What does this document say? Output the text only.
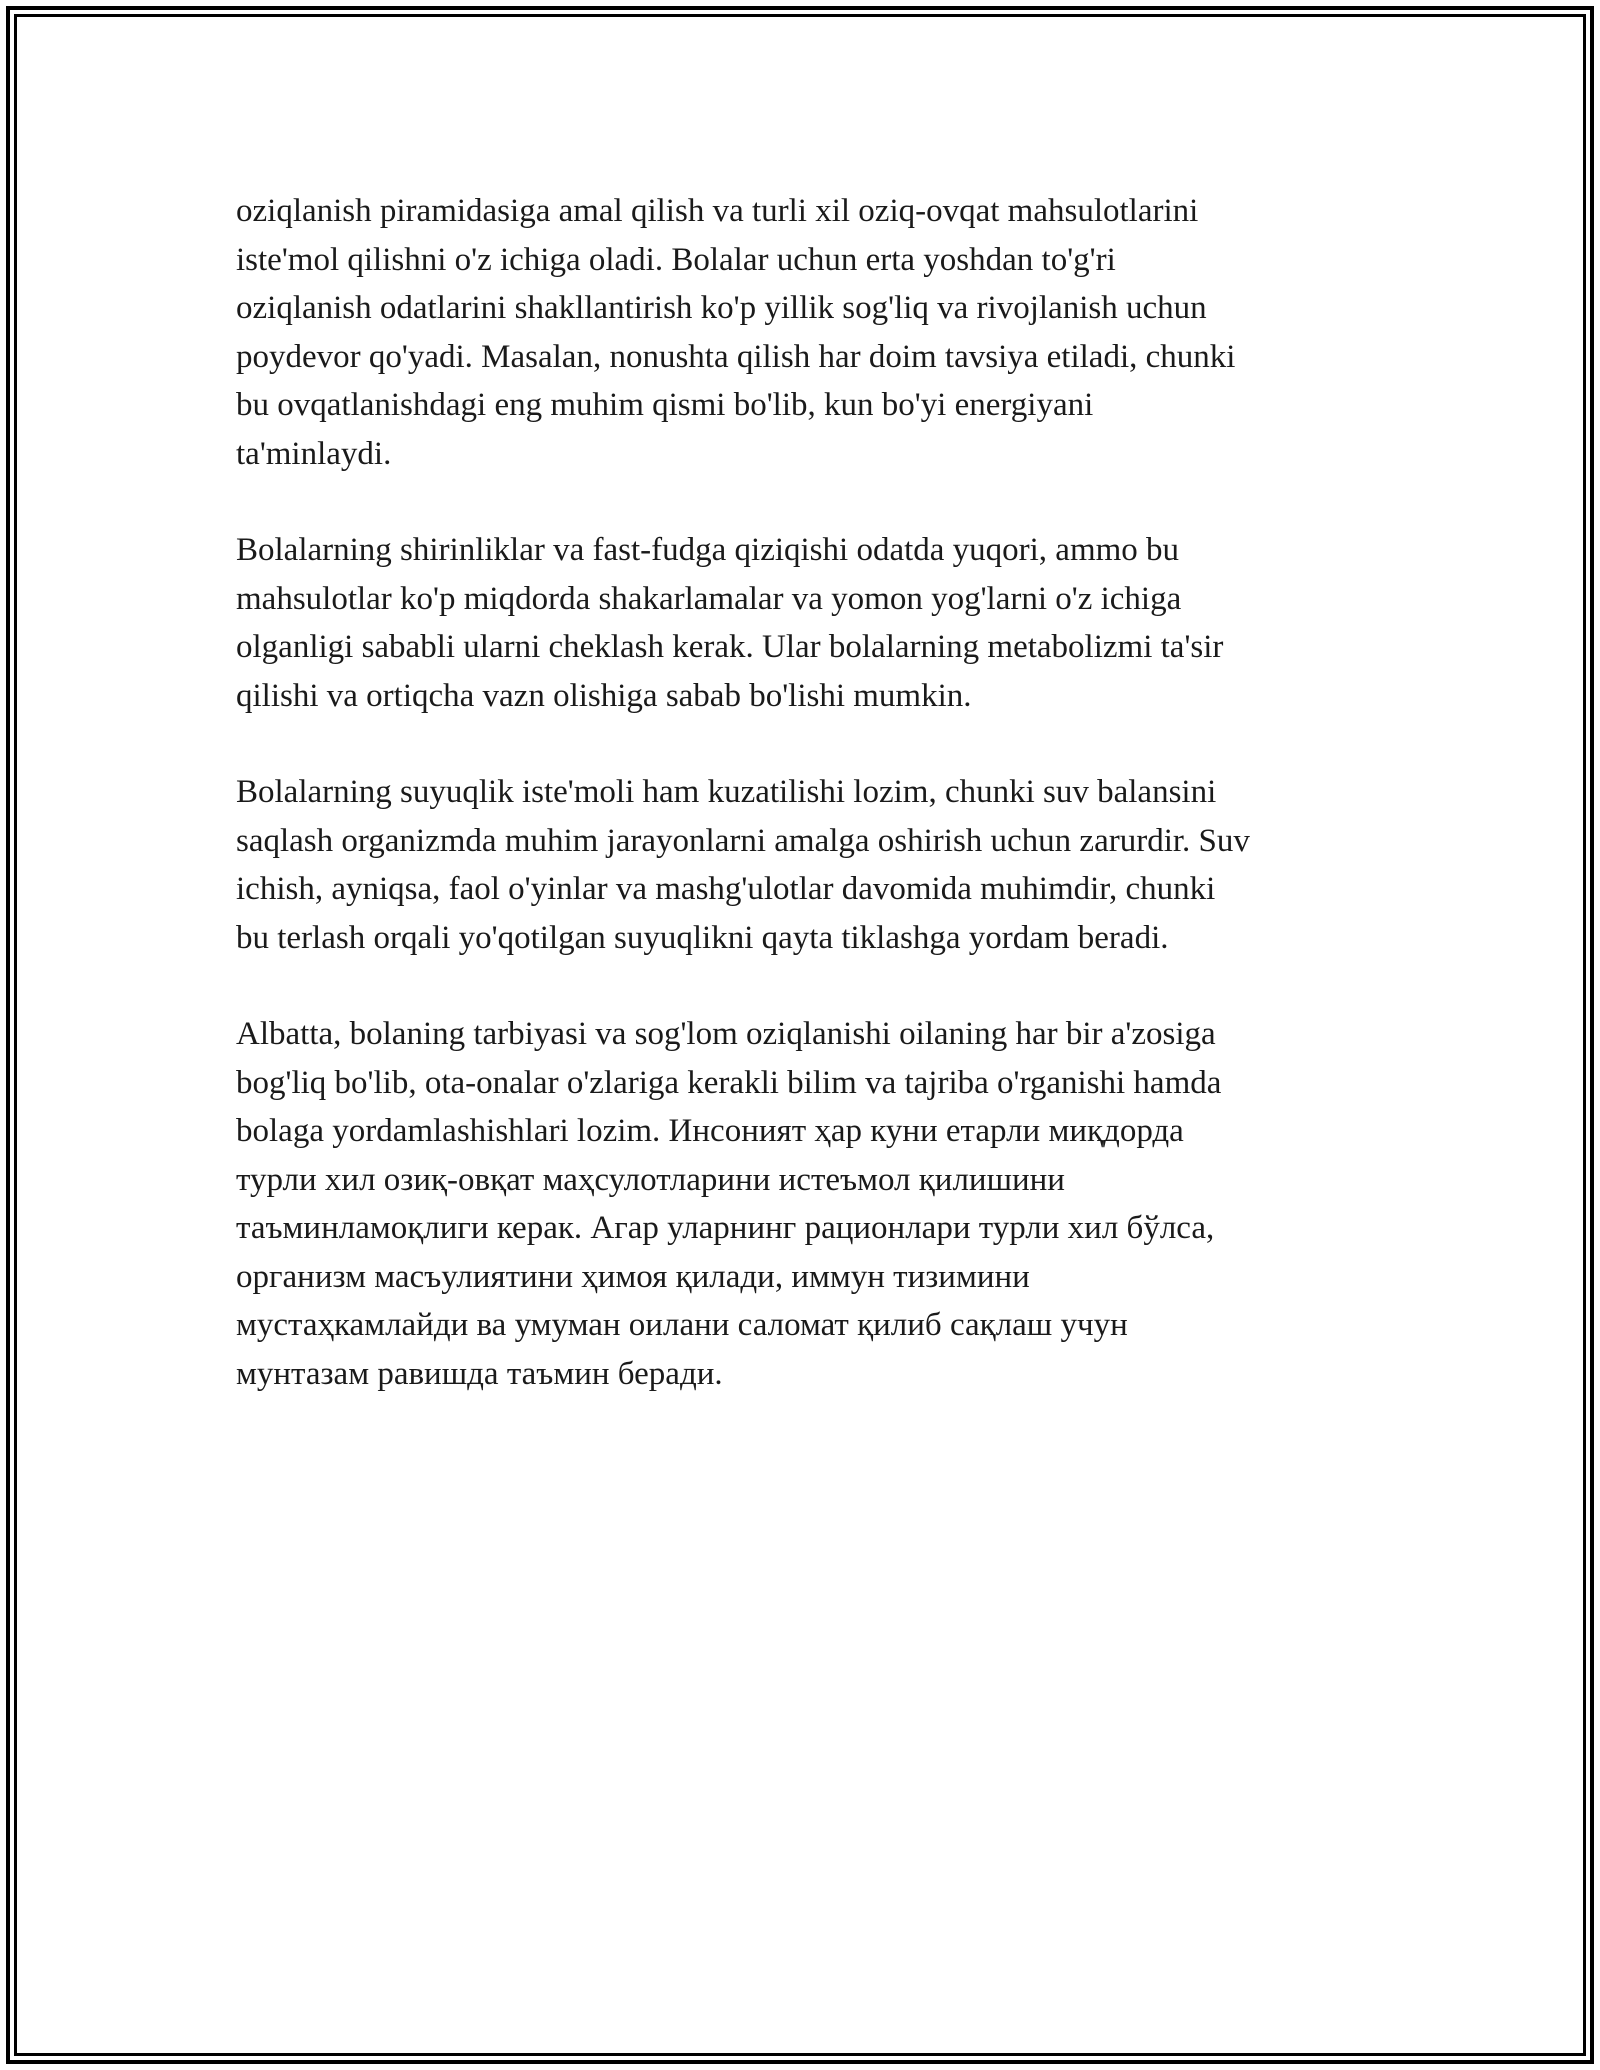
oziqlanish piramidasiga amal qilish va turli xil oziq-ovqat mahsulotlarini
iste'mol qilishni o'z ichiga oladi. Bolalar uchun erta yoshdan to'g'ri
oziqlanish odatlarini shakllantirish ko'p yillik sog'liq va rivojlanish uchun
poydevor qo'yadi. Masalan, nonushta qilish har doim tavsiya etiladi, chunki
bu ovqatlanishdagi eng muhim qismi bo'lib, kun bo'yi energiyani
ta'minlaydi.

Bolalarning shirinliklar va fast-fudga qiziqishi odatda yuqori, ammo bu
mahsulotlar ko'p miqdorda shakarlamalar va yomon yog'larni o'z ichiga
olganligi sababli ularni cheklash kerak. Ular bolalarning metabolizmi ta'sir
qilishi va ortiqcha vazn olishiga sabab bo'lishi mumkin.

Bolalarning suyuqlik iste'moli ham kuzatilishi lozim, chunki suv balansini
saqlash organizmda muhim jarayonlarni amalga oshirish uchun zarurdir. Suv
ichish, ayniqsa, faol o'yinlar va mashg'ulotlar davomida muhimdir, chunki
bu terlash orqali yo'qotilgan suyuqlikni qayta tiklashga yordam beradi.

Albatta, bolaning tarbiyasi va sog'lom oziqlanishi oilaning har bir a'zosiga
bog'liq bo'lib, ota-onalar o'zlariga kerakli bilim va tajriba o'rganishi hamda
bolaga yordamlashishlari lozim. Инсоният ҳар куни етарли миқдорда
турли хил озиқ-овқат маҳсулотларини истеъмол қилишини
таъминламоқлиги керак. Агар уларнинг рационлари турли хил бўлса,
организм масъулиятини ҳимоя қилади, иммун тизимини
мустаҳкамлайди ва умуман оилани саломат қилиб сақлаш учун
мунтазам равишда таъмин беради.
